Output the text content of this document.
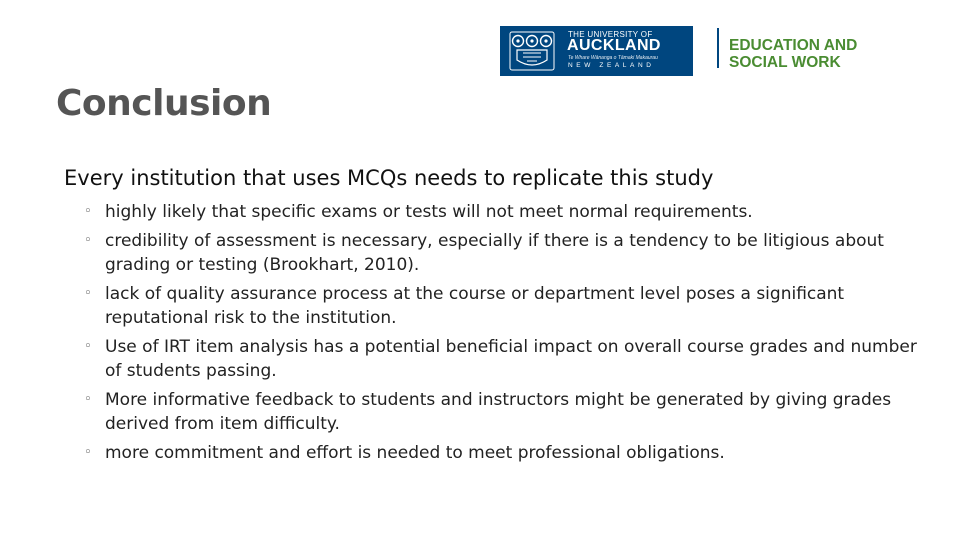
THE UNIVERSITY OF
AUCKLAND
Te Whare Wānanga o Tāmaki Makaurau
NEW ZEALAND
EDUCATION AND
SOCIAL WORK
Conclusion

Every institution that uses MCQs needs to replicate this study

◦ highly likely that specific exams or tests will not meet normal requirements.
◦ credibility of assessment is necessary, especially if there is a tendency to be litigious about grading or testing (Brookhart, 2010).
◦ lack of quality assurance process at the course or department level poses a significant reputational risk to the institution.
◦ Use of IRT item analysis has a potential beneficial impact on overall course grades and number of students passing.
◦ More informative feedback to students and instructors might be generated by giving grades derived from item difficulty.
◦ more commitment and effort is needed to meet professional obligations.
